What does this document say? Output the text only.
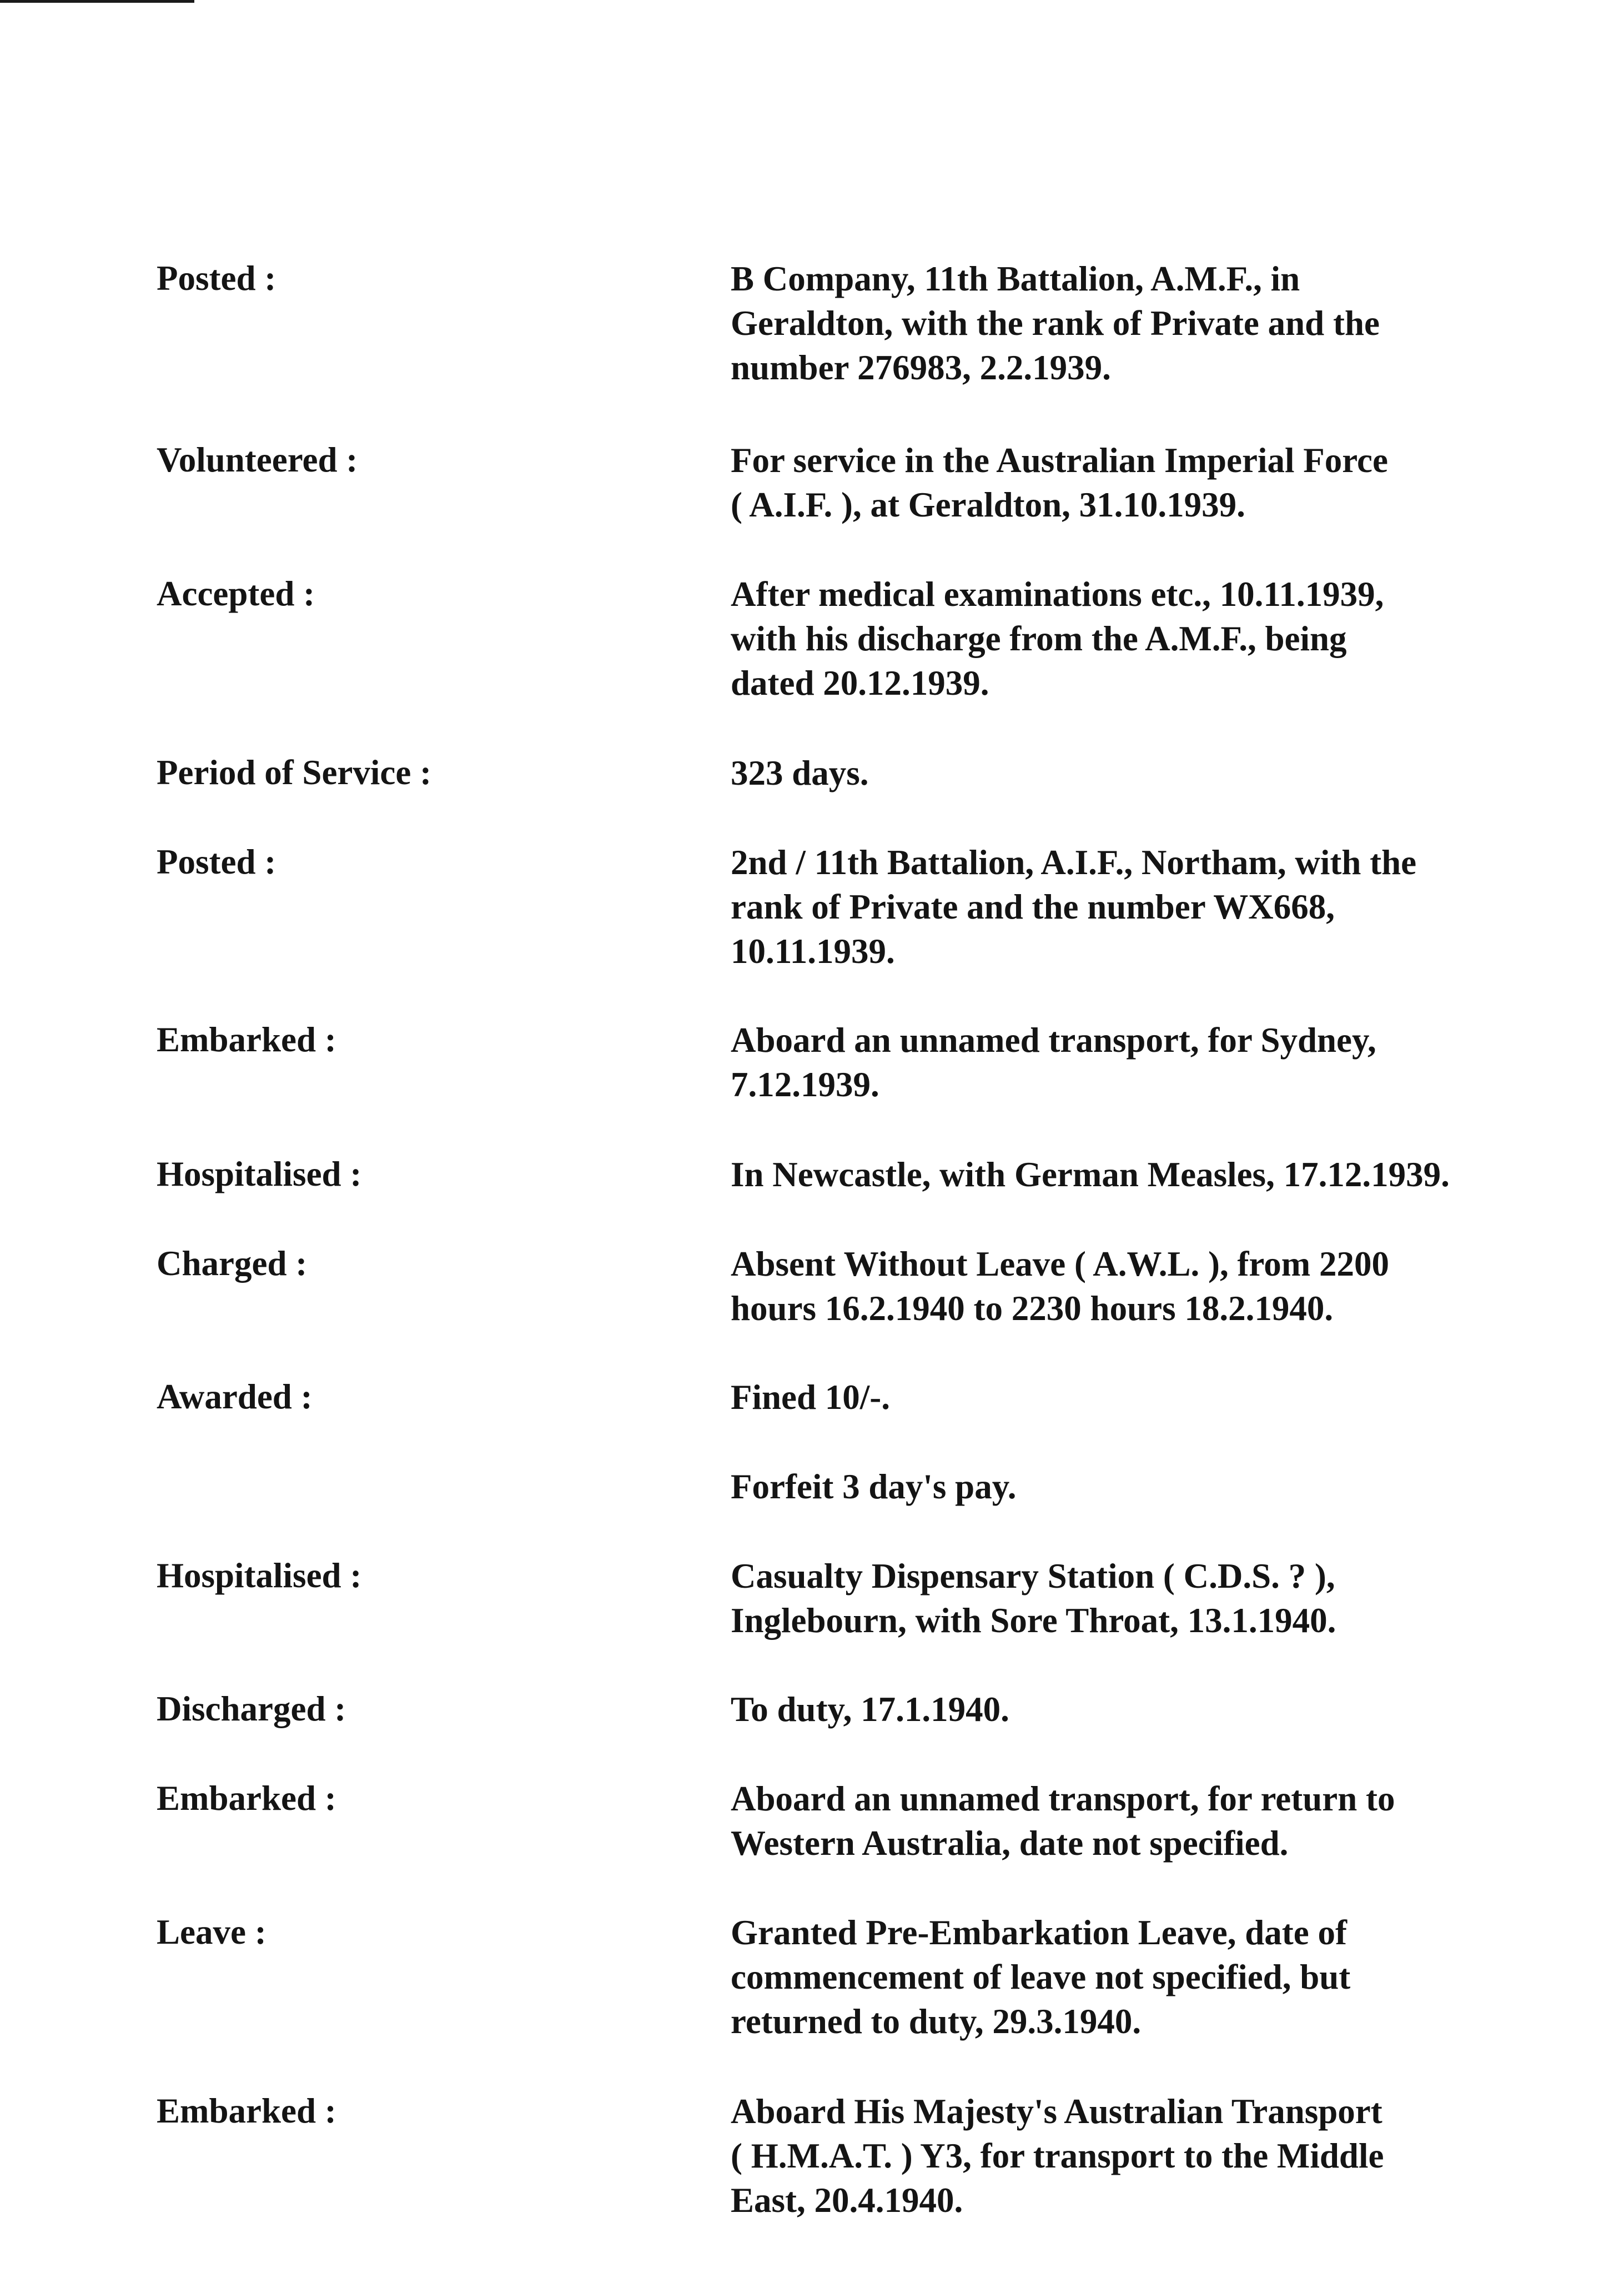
Posted :	B Company, 11th Battalion, A.M.F., in
Geraldton, with the rank of Private and the
number 276983, 2.2.1939.
Volunteered :	For service in the Australian Imperial Force
( A.I.F. ), at Geraldton, 31.10.1939.
Accepted :	After medical examinations etc., 10.11.1939,
with his discharge from the A.M.F., being
dated 20.12.1939.
Period of Service :	323 days.
Posted :	2nd / 11th Battalion, A.I.F., Northam, with the
rank of Private and the number WX668,
10.11.1939.
Embarked :	Aboard an unnamed transport, for Sydney,
7.12.1939.
Hospitalised :	In Newcastle, with German Measles, 17.12.1939.
Charged :	Absent Without Leave ( A.W.L. ), from 2200
hours 16.2.1940 to 2230 hours 18.2.1940.
Awarded :	Fined 10/-.
Forfeit 3 day's pay.
Hospitalised :	Casualty Dispensary Station ( C.D.S. ? ),
Inglebourn, with Sore Throat, 13.1.1940.
Discharged :	To duty, 17.1.1940.
Embarked :	Aboard an unnamed transport, for return to
Western Australia, date not specified.
Leave :	Granted Pre-Embarkation Leave, date of
commencement of leave not specified, but
returned to duty, 29.3.1940.
Embarked :	Aboard His Majesty's Australian Transport
( H.M.A.T. ) Y3, for transport to the Middle
East, 20.4.1940.
